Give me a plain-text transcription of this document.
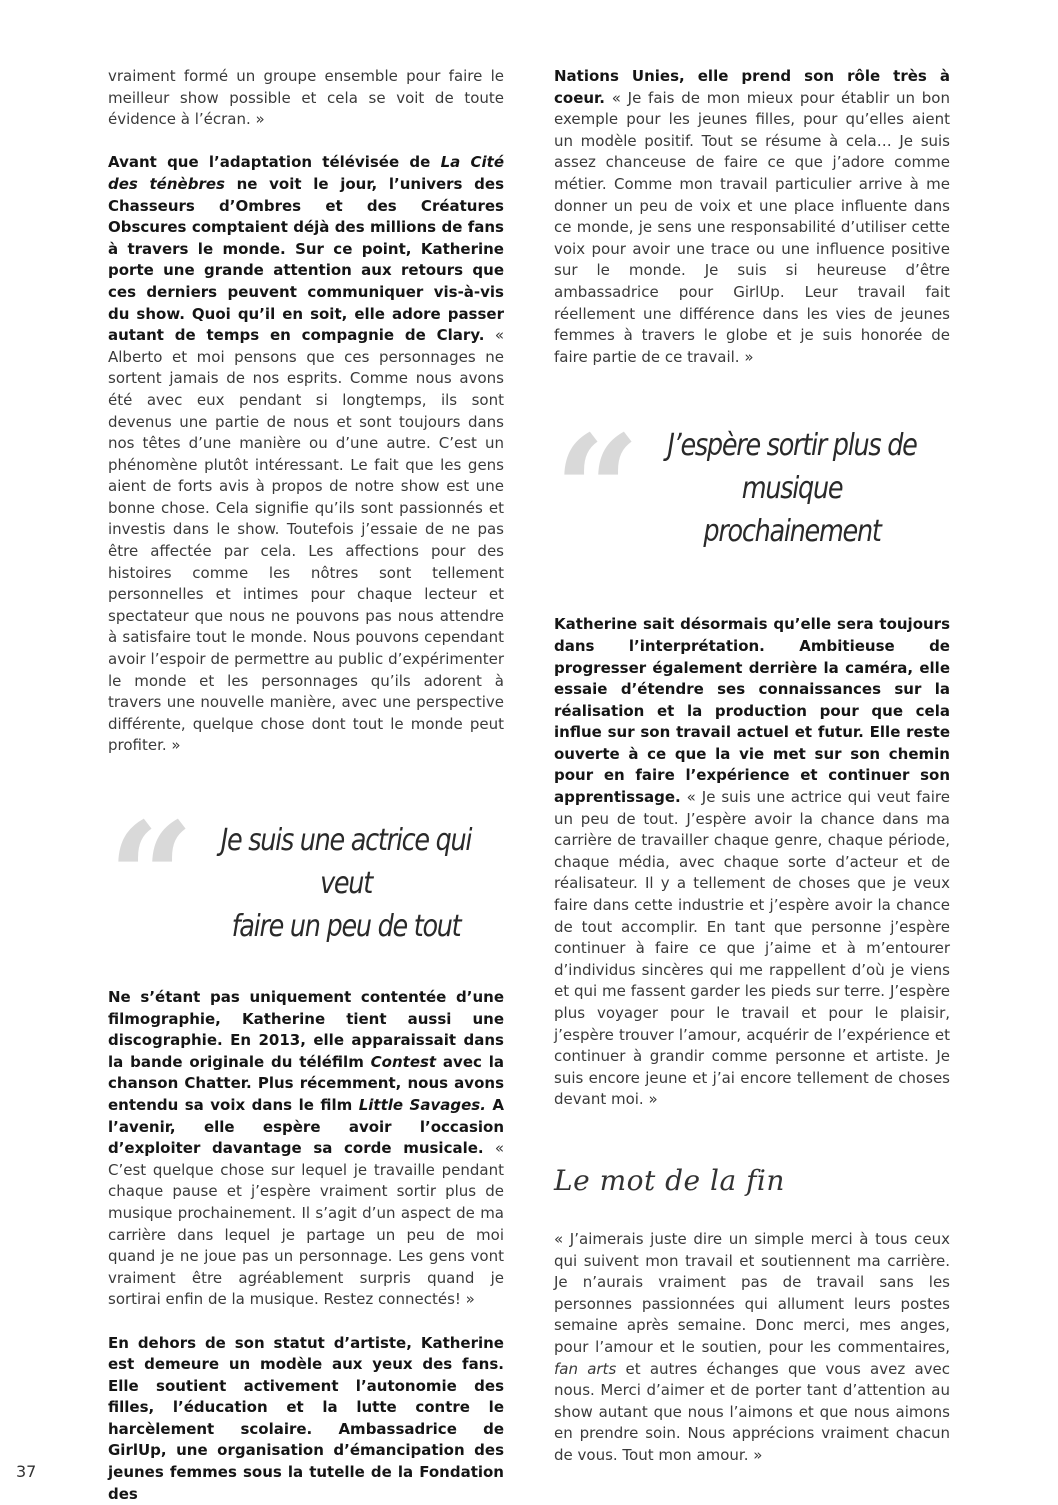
vraiment formé un groupe ensemble pour faire le meilleur show possible et cela se voit de toute évidence à l’écran. »

Avant que l’adaptation télévisée de La Cité des ténèbres ne voit le jour, l’univers des Chasseurs d’Ombres et des Créatures Obscures comptaient déjà des millions de fans à travers le monde. Sur ce point, Katherine porte une grande attention aux retours que ces derniers peuvent communiquer vis-à-vis du show. Quoi qu’il en soit, elle adore passer autant de temps en compagnie de Clary. « Alberto et moi pensons que ces personnages ne sortent jamais de nos esprits. Comme nous avons été avec eux pendant si longtemps, ils sont devenus une partie de nous et sont toujours dans nos têtes d’une manière ou d’une autre. C’est un phénomène plutôt intéressant. Le fait que les gens aient de forts avis à propos de notre show est une bonne chose. Cela signifie qu’ils sont passionnés et investis dans le show. Toutefois j’essaie de ne pas être affectée par cela. Les affections pour des histoires comme les nôtres sont tellement personnelles et intimes pour chaque lecteur et spectateur que nous ne pouvons pas nous attendre à satisfaire tout le monde. Nous pouvons cependant avoir l’espoir de permettre au public d’expérimenter le monde et les personnages qu’ils adorent à travers une nouvelle manière, avec une perspective différente, quelque chose dont tout le monde peut profiter. »

“ Je suis une actrice qui veut
faire un peu de tout

Ne s’étant pas uniquement contentée d’une filmographie, Katherine tient aussi une discographie. En 2013, elle apparaissait dans la bande originale du téléfilm Contest avec la chanson Chatter. Plus récemment, nous avons entendu sa voix dans le film Little Savages. A l’avenir, elle espère avoir l’occasion d’exploiter davantage sa corde musicale. « C’est quelque chose sur lequel je travaille pendant chaque pause et j’espère vraiment sortir plus de musique prochainement. Il s’agit d’un aspect de ma carrière dans lequel je partage un peu de moi quand je ne joue pas un personnage. Les gens vont vraiment être agréablement surpris quand je sortirai enfin de la musique. Restez connectés! »

En dehors de son statut d’artiste, Katherine est demeure un modèle aux yeux des fans. Elle soutient activement l’autonomie des filles, l’éducation et la lutte contre le harcèlement scolaire. Ambassadrice de GirlUp, une organisation d’émancipation des jeunes femmes sous la tutelle de la Fondation des

Nations Unies, elle prend son rôle très à coeur. « Je fais de mon mieux pour établir un bon exemple pour les jeunes filles, pour qu’elles aient un modèle positif. Tout se résume à cela… Je suis assez chanceuse de faire ce que j’adore comme métier. Comme mon travail particulier arrive à me donner un peu de voix et une place influente dans ce monde, je sens une responsabilité d’utiliser cette voix pour avoir une trace ou une influence positive sur le monde. Je suis si heureuse d’être ambassadrice pour GirlUp. Leur travail fait réellement une différence dans les vies de jeunes femmes à travers le globe et je suis honorée de faire partie de ce travail. »

“ J’espère sortir plus de
musique prochainement

Katherine sait désormais qu’elle sera toujours dans l’interprétation. Ambitieuse de progresser également derrière la caméra, elle essaie d’étendre ses connaissances sur la réalisation et la production pour que cela influe sur son travail actuel et futur. Elle reste ouverte à ce que la vie met sur son chemin pour en faire l’expérience et continuer son apprentissage. « Je suis une actrice qui veut faire un peu de tout. J’espère avoir la chance dans ma carrière de travailler chaque genre, chaque période, chaque média, avec chaque sorte d’acteur et de réalisateur. Il y a tellement de choses que je veux faire dans cette industrie et j’espère avoir la chance de tout accomplir. En tant que personne j’espère continuer à faire ce que j’aime et à m’entourer d’individus sincères qui me rappellent d’où je viens et qui me fassent garder les pieds sur terre. J’espère plus voyager pour le travail et pour le plaisir, j’espère trouver l’amour, acquérir de l’expérience et continuer à grandir comme personne et artiste. Je suis encore jeune et j’ai encore tellement de choses devant moi. »

Le mot de la fin

« J’aimerais juste dire un simple merci à tous ceux qui suivent mon travail et soutiennent ma carrière. Je n’aurais vraiment pas de travail sans les personnes passionnées qui allument leurs postes semaine après semaine. Donc merci, mes anges, pour l’amour et le soutien, pour les commentaires, fan arts et autres échanges que vous avez avec nous. Merci d’aimer et de porter tant d’attention au show autant que nous l’aimons et que nous aimons en prendre soin. Nous apprécions vraiment chacun de vous. Tout mon amour. »

37
